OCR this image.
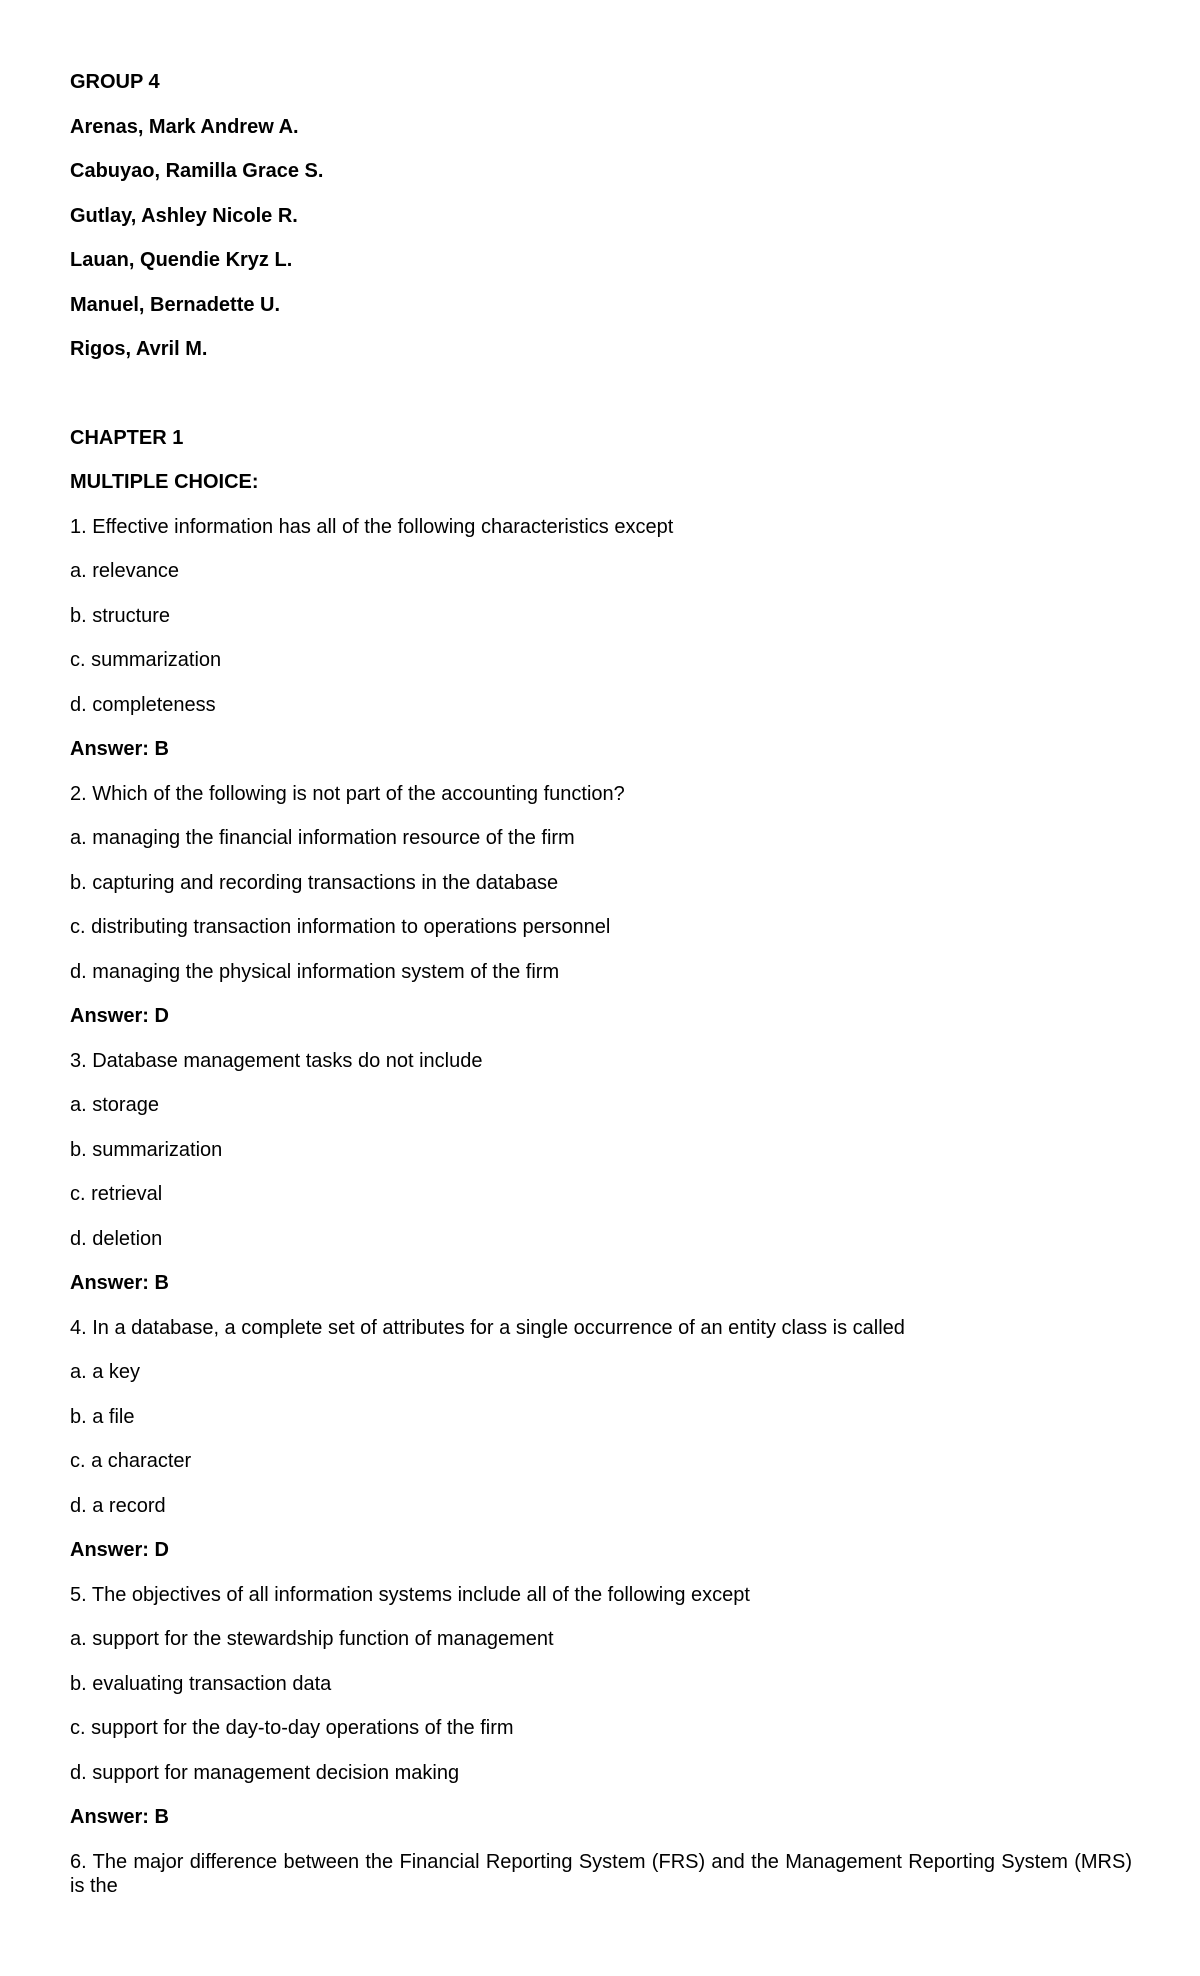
GROUP 4
Arenas, Mark Andrew A.
Cabuyao, Ramilla Grace S.
Gutlay, Ashley Nicole R.
Lauan, Quendie Kryz L.
Manuel, Bernadette U.
Rigos, Avril M.
CHAPTER 1
MULTIPLE CHOICE:
1. Effective information has all of the following characteristics except
a. relevance
b. structure
c. summarization
d. completeness
Answer: B
2. Which of the following is not part of the accounting function?
a. managing the financial information resource of the firm
b. capturing and recording transactions in the database
c. distributing transaction information to operations personnel
d. managing the physical information system of the firm
Answer: D
3. Database management tasks do not include
a. storage
b. summarization
c. retrieval
d. deletion
Answer: B
4. In a database, a complete set of attributes for a single occurrence of an entity class is called
a. a key
b. a file
c. a character
d. a record
Answer: D
5. The objectives of all information systems include all of the following except
a. support for the stewardship function of management
b. evaluating transaction data
c. support for the day-to-day operations of the firm
d. support for management decision making
Answer: B
6. The major difference between the Financial Reporting System (FRS) and the Management Reporting System (MRS) is the
